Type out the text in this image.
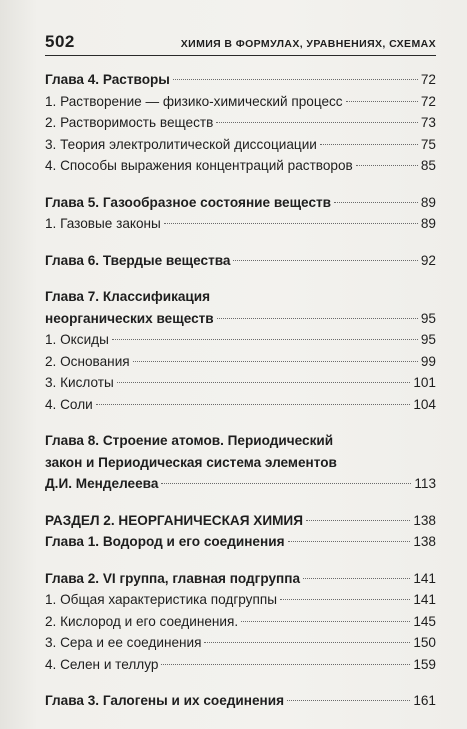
502	ХИМИЯ В ФОРМУЛАХ, УРАВНЕНИЯХ, СХЕМАХ
Глава 4. Растворы	72
1. Растворение — физико-химический процесс	72
2. Растворимость веществ	73
3. Теория электролитической диссоциации	75
4. Способы выражения концентраций растворов	85
Глава 5. Газообразное состояние веществ	89
1. Газовые законы	89
Глава 6. Твердые вещества	92
Глава 7. Классификация
неорганических веществ	95
1. Оксиды	95
2. Основания	99
3. Кислоты	101
4. Соли	104
Глава 8. Строение атомов. Периодический
закон и Периодическая система элементов
Д.И. Менделеева	113
РАЗДЕЛ 2. НЕОРГАНИЧЕСКАЯ ХИМИЯ	138
Глава 1. Водород и его соединения	138
Глава 2. VI группа, главная подгруппа	141
1. Общая характеристика подгруппы	141
2. Кислород и его соединения.	145
3. Сера и ее соединения	150
4. Селен и теллур	159
Глава 3. Галогены и их соединения	161
